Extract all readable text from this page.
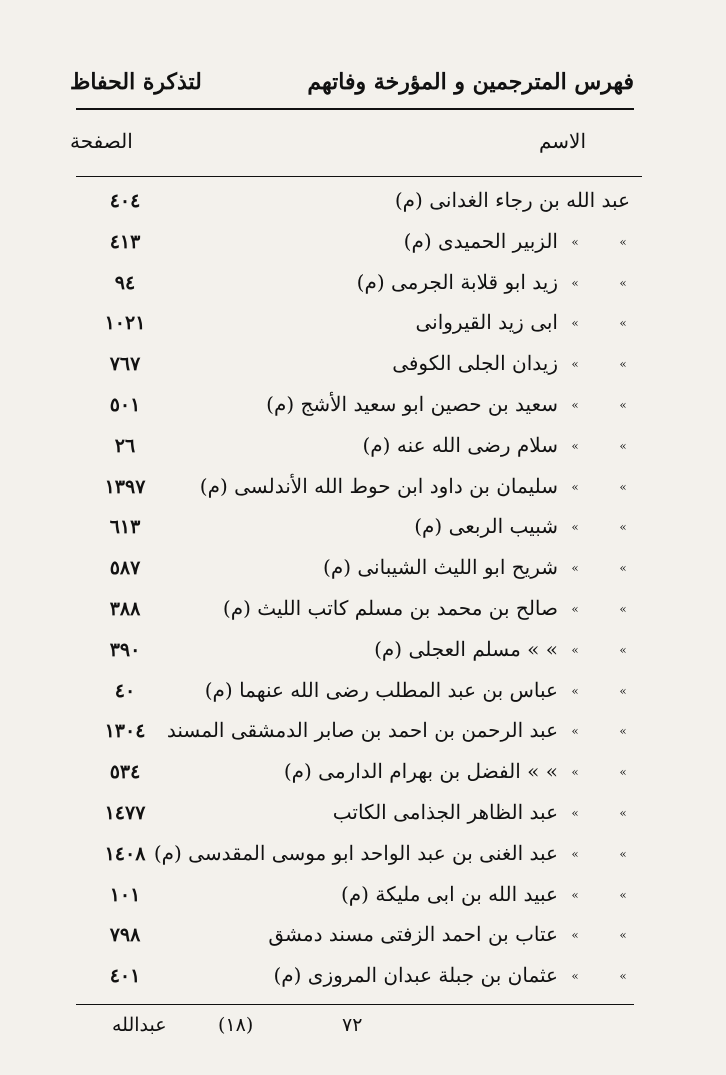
فهرس المترجمين و المؤرخة وفاتهم
لتذكرة الحفاظ
الاسم
الصفحة
عبد الله بن رجاء الغدانى (م)
٤٠٤
»
»
الزبير الحميدى (م)
٤١٣
»
»
زيد ابو قلابة الجرمى (م)
٩٤
»
»
ابى زيد القيروانى
١٠٢١
»
»
زيدان الجلى الكوفى
٧٦٧
»
»
سعيد بن حصين ابو سعيد الأشج (م)
٥٠١
»
»
سلام رضى الله عنه (م)
٢٦
»
»
سليمان بن داود ابن حوط الله الأندلسى (م)
١٣٩٧
»
»
شبيب الربعى (م)
٦١٣
»
»
شريح ابو الليث الشيبانى (م)
٥٨٧
»
»
صالح بن محمد بن مسلم كاتب الليث (م)
٣٨٨
»
»
» » مسلم العجلى (م)
٣٩٠
»
»
عباس بن عبد المطلب رضى الله عنهما (م)
٤٠
»
»
عبد الرحمن بن احمد بن صابر الدمشقى المسند
١٣٠٤
»
»
» » الفضل بن بهرام الدارمى (م)
٥٣٤
»
»
عبد الظاهر الجذامى الكاتب
١٤٧٧
»
»
عبد الغنى بن عبد الواحد ابو موسى المقدسى (م)
١٤٠٨
»
»
عبيد الله بن ابى مليكة (م)
١٠١
»
»
عتاب بن احمد الزفتى مسند دمشق
٧٩٨
»
»
عثمان بن جبلة عبدان المروزى (م)
٤٠١
عبدالله	(١٨)	٧٢
